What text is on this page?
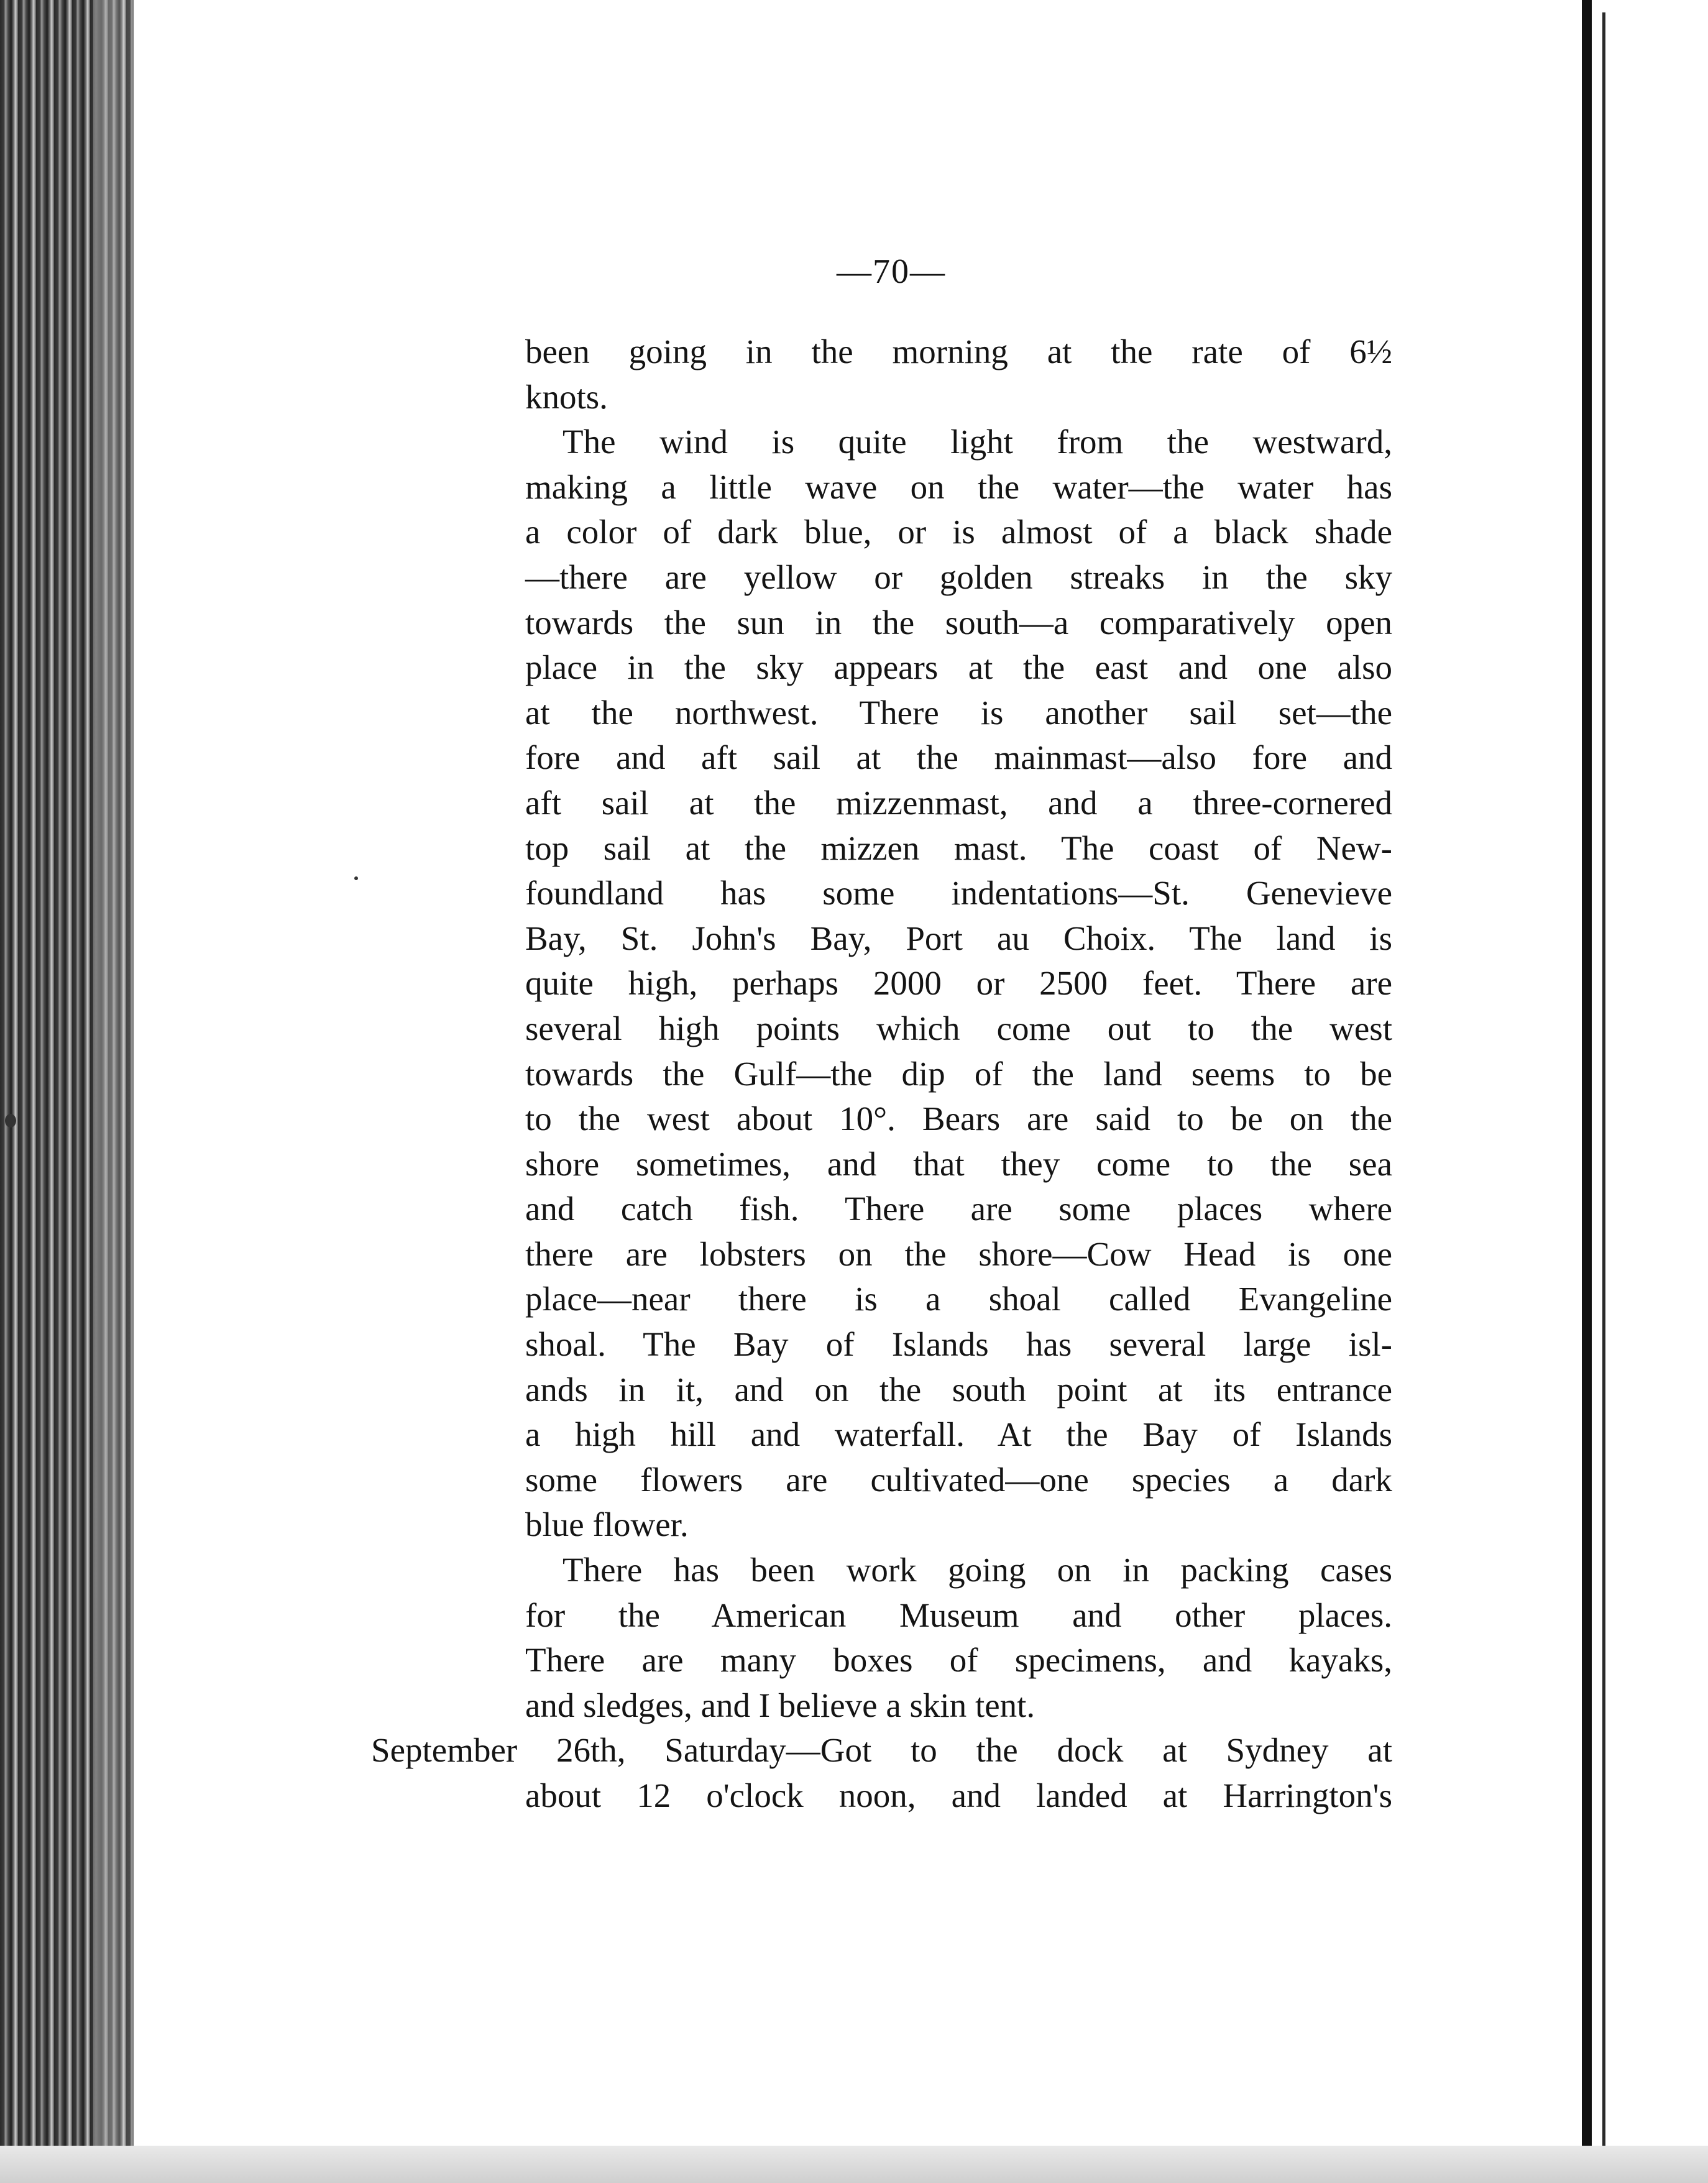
—70—
been going in the morning at the rate of 6½
knots.
The wind is quite light from the westward,
making a little wave on the water—the water has
a color of dark blue, or is almost of a black shade
—there are yellow or golden streaks in the sky
towards the sun in the south—a comparatively open
place in the sky appears at the east and one also
at the northwest. There is another sail set—the
fore and aft sail at the mainmast—also fore and
aft sail at the mizzenmast, and a three-cornered
top sail at the mizzen mast. The coast of New-
foundland has some indentations—St. Genevieve
Bay, St. John's Bay, Port au Choix. The land is
quite high, perhaps 2000 or 2500 feet. There are
several high points which come out to the west
towards the Gulf—the dip of the land seems to be
to the west about 10°. Bears are said to be on the
shore sometimes, and that they come to the sea
and catch fish. There are some places where
there are lobsters on the shore—Cow Head is one
place—near there is a shoal called Evangeline
shoal. The Bay of Islands has several large isl-
ands in it, and on the south point at its entrance
a high hill and waterfall. At the Bay of Islands
some flowers are cultivated—one species a dark
blue flower.
There has been work going on in packing cases
for the American Museum and other places.
There are many boxes of specimens, and kayaks,
and sledges, and I believe a skin tent.
September 26th, Saturday—Got to the dock at Sydney at
about 12 o'clock noon, and landed at Harrington's
